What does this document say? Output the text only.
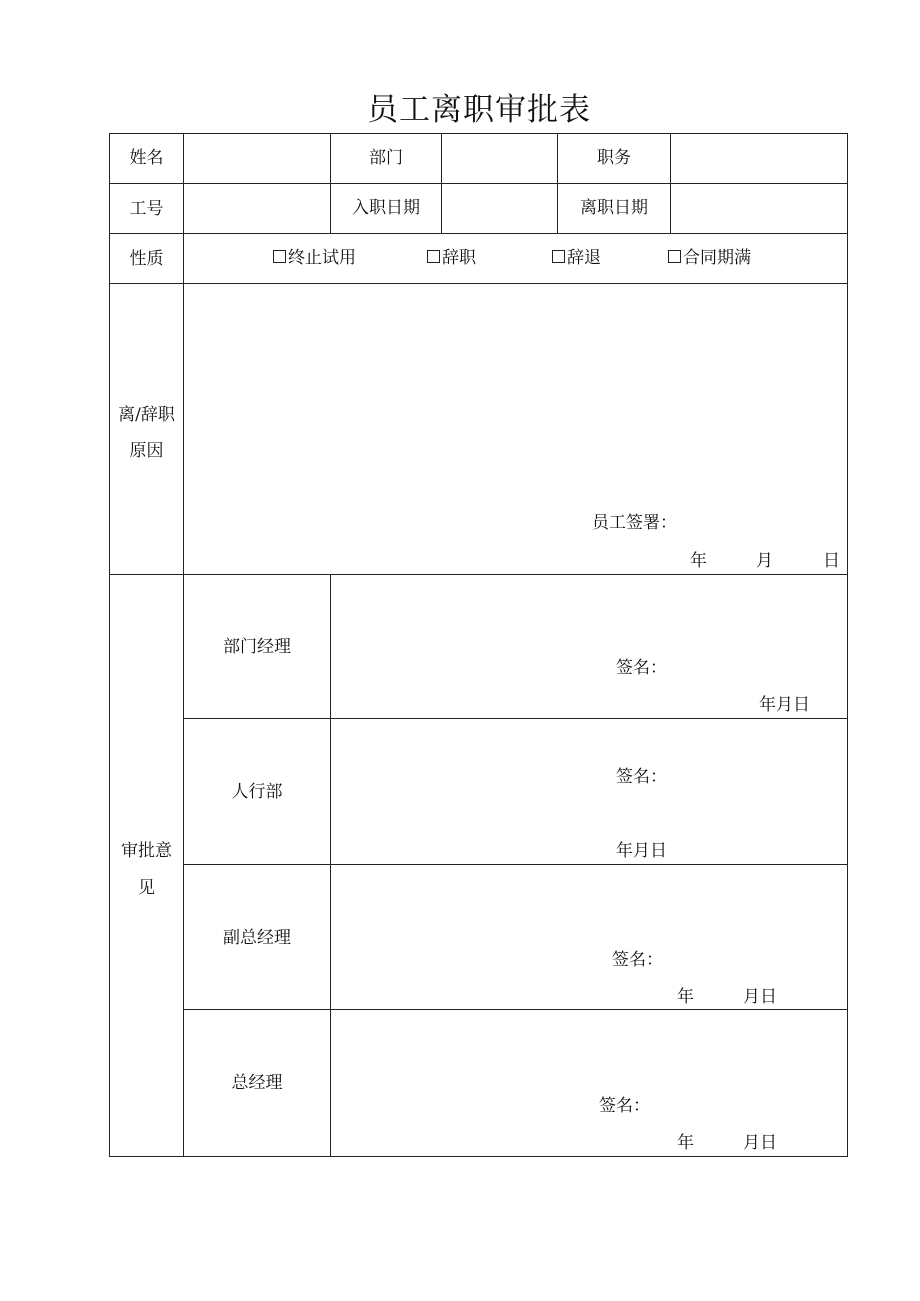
员工离职审批表
姓名	部门	职务
工号	入职日期	离职日期
性质	终止试用	辞职	辞退	合同期满
离/辞职
原因
员工签署：
年	月	日
审批意
见
部门经理
签名：
年月日
人行部
签名：
年月日
副总经理
签名：
年	月日
总经理
签名：
年	月日
